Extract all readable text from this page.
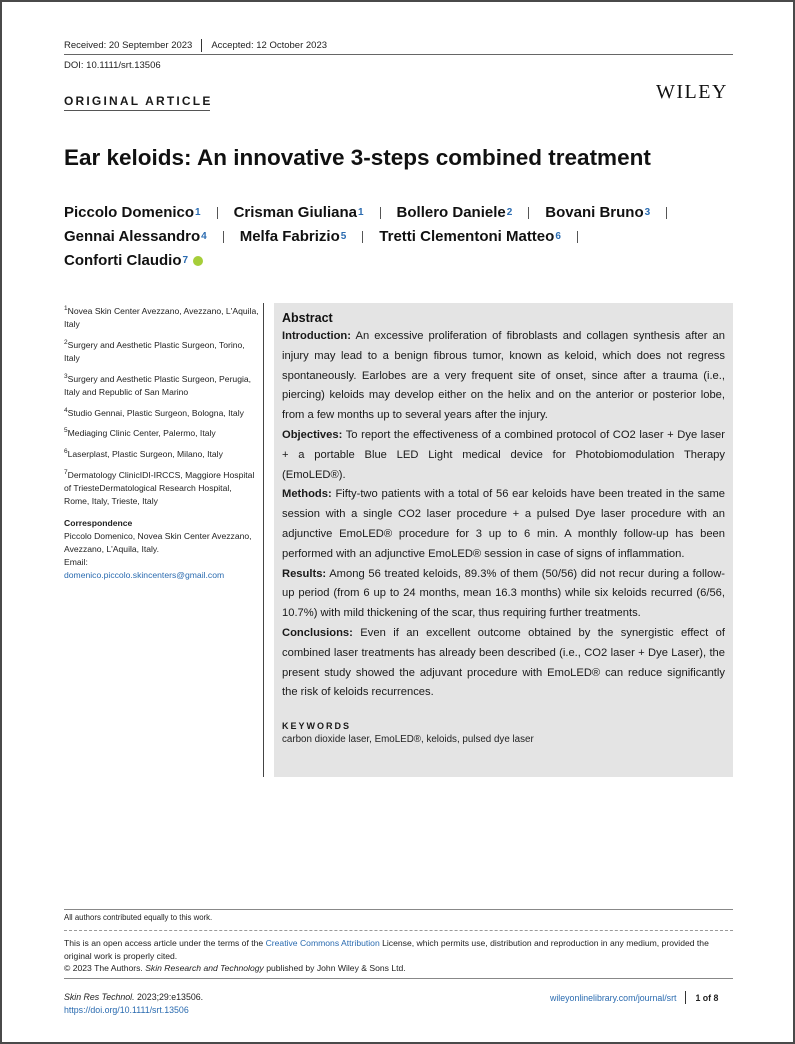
Received: 20 September 2023 Accepted: 12 October 2023
DOI: 10.1111/srt.13506
ORIGINAL ARTICLE	WILEY
Ear keloids: An innovative 3-steps combined treatment
Piccolo Domenico 1 Crisman Giuliana 1 Bollero Daniele 2 Bovani Bruno 3
Gennai Alessandro 4 Melfa Fabrizio 5 Tretti Clementoni Matteo 6
Conforti Claudio 7
$^1$Novea Skin Center Avezzano, Avezzano, L'Aquila, Italy
$^2$Surgery and Aesthetic Plastic Surgeon, Torino, Italy
$^3$Surgery and Aesthetic Plastic Surgeon, Perugia, Italy and Republic of San Marino
$^4$Studio Gennai, Plastic Surgeon, Bologna, Italy
$^5$Mediaging Clinic Center, Palermo, Italy
$^6$Laserplast, Plastic Surgeon, Milano, Italy
$^7$Dermatology ClinicIDI-IRCCS, Maggiore Hospital of TriesteDermatological Research Hospital, Rome, Italy, Trieste, Italy
Correspondence
Piccolo Domenico, Novea Skin Center Avezzano, Avezzano, L'Aquila, Italy.
Email:
domenico.piccolo.skincenters@gmail.com
Abstract

Introduction: An excessive proliferation of fibroblasts and collagen synthesis after an injury may lead to a benign fibrous tumor, known as keloid, which does not regress spontaneously. Earlobes are a very frequent site of onset, since after a trauma (i.e., piercing) keloids may develop either on the helix and on the anterior or posterior lobe, from a few months up to several years after the injury.

Objectives: To report the effectiveness of a combined protocol of CO2 laser + Dye laser + a portable Blue LED Light medical device for Photobiomodulation Therapy (EmoLED®).

Methods: Fifty-two patients with a total of 56 ear keloids have been treated in the same session with a single CO2 laser procedure + a pulsed Dye laser procedure with an adjunctive EmoLED® procedure for 3 up to 6 min. A monthly follow-up has been performed with an adjunctive EmoLED® session in case of signs of inflammation.

Results: Among 56 treated keloids, 89.3% of them (50/56) did not recur during a follow-up period (from 6 up to 24 months, mean 16.3 months) while six keloids recurred (6/56, 10.7%) with mild thickening of the scar, thus requiring further treatments.

Conclusions: Even if an excellent outcome obtained by the synergistic effect of combined laser treatments has already been described (i.e., CO2 laser + Dye Laser), the present study showed the adjuvant procedure with EmoLED® can reduce significantly the risk of keloids recurrences.

KEYWORDS
carbon dioxide laser, EmoLED®, keloids, pulsed dye laser
All authors contributed equally to this work.
This is an open access article under the terms of the Creative Commons Attribution License, which permits use, distribution and reproduction in any medium, provided the original work is properly cited.
© 2023 The Authors. Skin Research and Technology published by John Wiley & Sons Ltd.
Skin Res Technol. 2023;29:e13506.
https://doi.org/10.1111/srt.13506
wileyonlinelibrary.com/journal/srt 1 of 8
